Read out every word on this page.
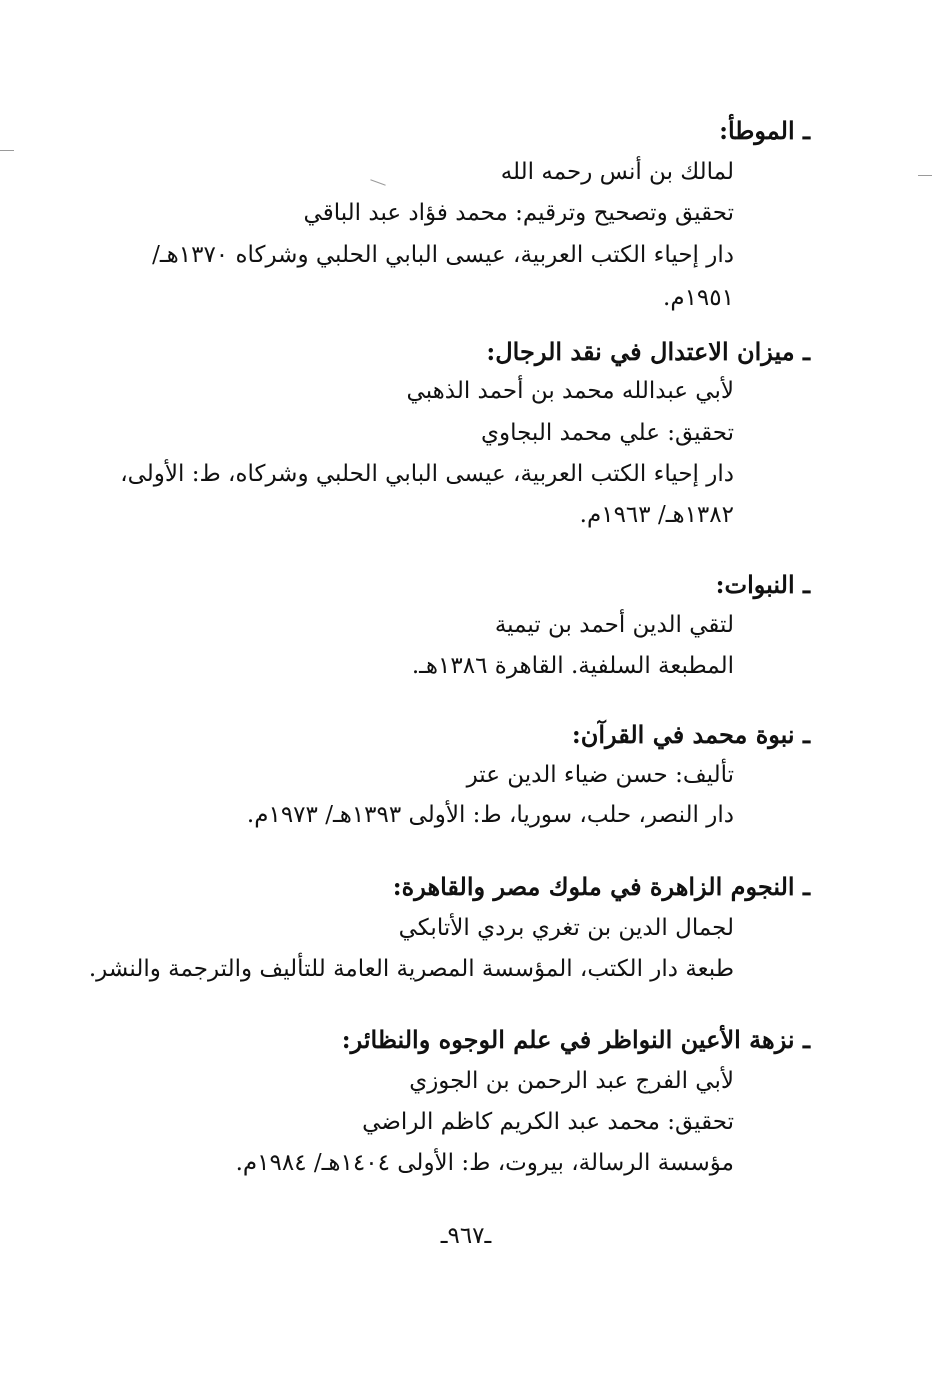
ـ الموطأ:
لمالك بن أنس رحمه الله
تحقيق وتصحيح وترقيم: محمد فؤاد عبد الباقي
دار إحياء الكتب العربية، عيسى البابي الحلبي وشركاه ١٣٧٠هـ/
١٩٥١م.
ـ ميزان الاعتدال في نقد الرجال:
لأبي عبدالله محمد بن أحمد الذهبي
تحقيق: علي محمد البجاوي
دار إحياء الكتب العربية، عيسى البابي الحلبي وشركاه، ط: الأولى،
١٣٨٢هـ/ ١٩٦٣م.
ـ النبوات:
لتقي الدين أحمد بن تيمية
المطبعة السلفية. القاهرة ١٣٨٦هـ.
ـ نبوة محمد في القرآن:
تأليف: حسن ضياء الدين عتر
دار النصر، حلب، سوريا، ط: الأولى ١٣٩٣هـ/ ١٩٧٣م.
ـ النجوم الزاهرة في ملوك مصر والقاهرة:
لجمال الدين بن تغري بردي الأتابكي
طبعة دار الكتب، المؤسسة المصرية العامة للتأليف والترجمة والنشر.
ـ نزهة الأعين النواظر في علم الوجوه والنظائر:
لأبي الفرج عبد الرحمن بن الجوزي
تحقيق: محمد عبد الكريم كاظم الراضي
مؤسسة الرسالة، بيروت، ط: الأولى ١٤٠٤هـ/ ١٩٨٤م.
ـ٩٦٧ـ
